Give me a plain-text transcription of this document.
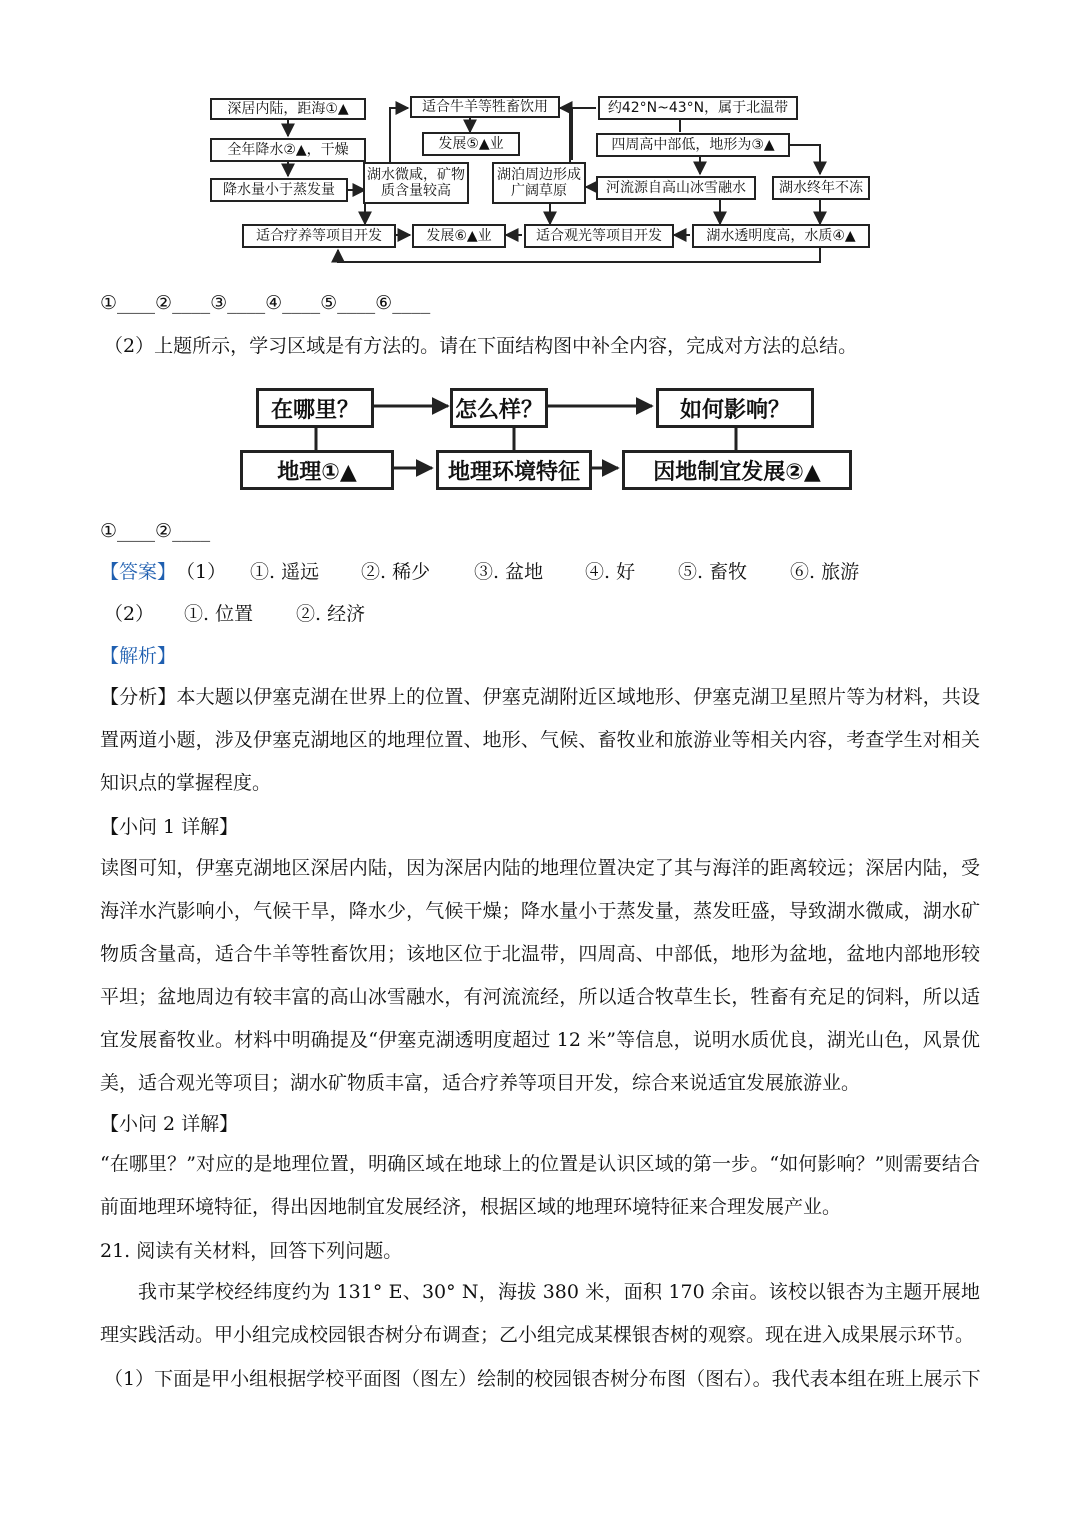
深居内陆，距海①▲
全年降水②▲，干燥
降水量小于蒸发量
湖水微咸，矿物质含量较高
适合牛羊等牲畜饮用
发展⑤▲业
湖泊周边形成广阔草原
约42°N~43°N，属于北温带
四周高中部低，地形为③▲
河流源自高山冰雪融水	湖水终年不冻
适合疗养等项目开发	发展⑥▲业	适合观光等项目开发	湖水透明度高，水质④▲
①____②____③____④____⑤____⑥____
（2）上题所示，学习区域是有方法的。请在下面结构图中补全内容，完成对方法的总结。
在哪里？	怎么样？	如何影响？
地理①▲	地理环境特征	因地制宜发展②▲
①____②____
【答案】 （1） ①. 遥远 ②. 稀少 ③. 盆地 ④. 好 ⑤. 畜牧 ⑥. 旅游
（2） ①. 位置 ②. 经济
【解析】
【分析】本大题以伊塞克湖在世界上的位置、伊塞克湖附近区域地形、伊塞克湖卫星照片等为材料，共设置两道小题，涉及伊塞克湖地区的地理位置、地形、气候、畜牧业和旅游业等相关内容，考查学生对相关知识点的掌握程度。
【小问 1 详解】
读图可知，伊塞克湖地区深居内陆，因为深居内陆的地理位置决定了其与海洋的距离较远；深居内陆，受海洋水汽影响小，气候干旱，降水少，气候干燥；降水量小于蒸发量，蒸发旺盛，导致湖水微咸，湖水矿物质含量高，适合牛羊等牲畜饮用；该地区位于北温带，四周高、中部低，地形为盆地，盆地内部地形较平坦；盆地周边有较丰富的高山冰雪融水，有河流流经，所以适合牧草生长，牲畜有充足的饲料，所以适宜发展畜牧业。材料中明确提及“伊塞克湖透明度超过 12 米”等信息，说明水质优良，湖光山色，风景优美，适合观光等项目；湖水矿物质丰富，适合疗养等项目开发，综合来说适宜发展旅游业。
【小问 2 详解】
“在哪里？”对应的是地理位置，明确区域在地球上的位置是认识区域的第一步。“如何影响？”则需要结合前面地理环境特征，得出因地制宜发展经济，根据区域的地理环境特征来合理发展产业。
21. 阅读有关材料，回答下列问题。
我市某学校经纬度约为 131° E、30° N，海拔 380 米，面积 170 余亩。该校以银杏为主题开展地理实践活动。甲小组完成校园银杏树分布调查；乙小组完成某棵银杏树的观察。现在进入成果展示环节。
（1）下面是甲小组根据学校平面图（图左）绘制的校园银杏树分布图（图右）。我代表本组在班上展示下
